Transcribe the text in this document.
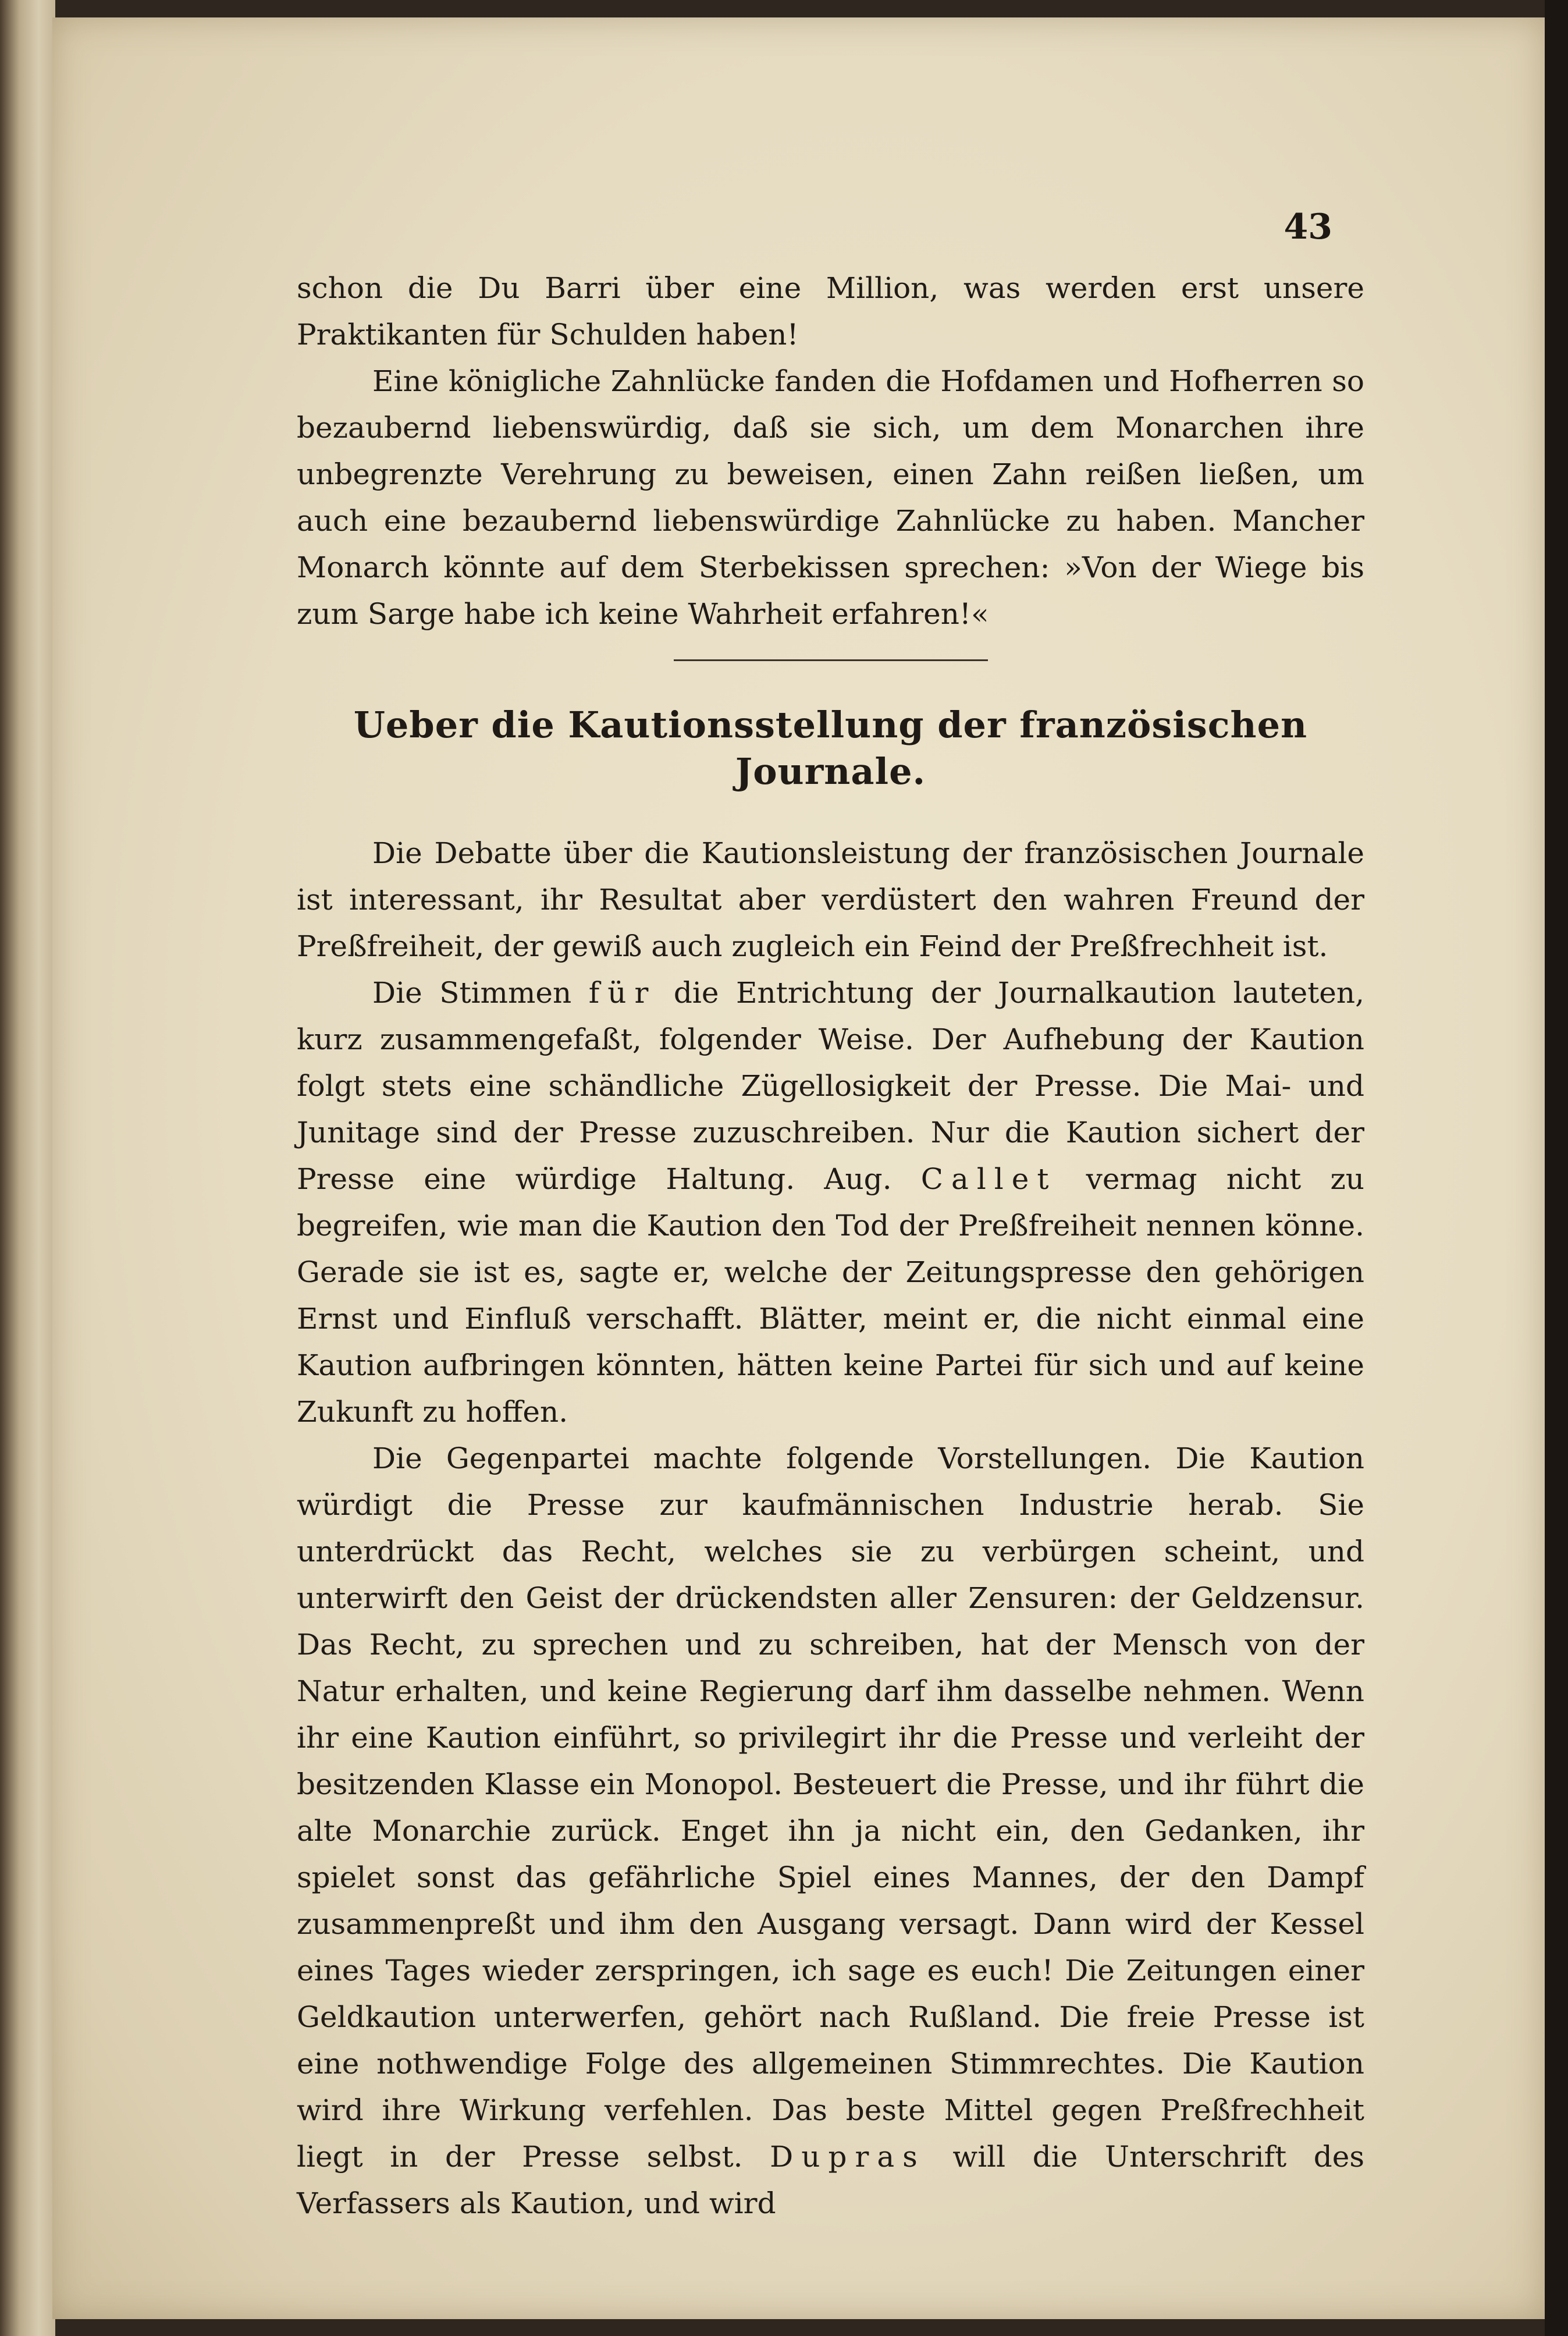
43

schon die Du Barri über eine Million, was werden erst unsere Praktikanten für Schulden haben!

Eine königliche Zahnlücke fanden die Hofdamen und Hofherren so bezaubernd liebenswürdig, daß sie sich, um dem Monarchen ihre unbegrenzte Verehrung zu beweisen, einen Zahn reißen ließen, um auch eine bezaubernd liebenswürdige Zahnlücke zu haben. Mancher Monarch könnte auf dem Sterbekissen sprechen: »Von der Wiege bis zum Sarge habe ich keine Wahrheit erfahren!«

Ueber die Kautionsstellung der französischen Journale.

Die Debatte über die Kautionsleistung der französischen Journale ist interessant, ihr Resultat aber verdüstert den wahren Freund der Preßfreiheit, der gewiß auch zugleich ein Feind der Preßfrechheit ist.

Die Stimmen für die Entrichtung der Journalkaution lauteten, kurz zusammengefaßt, folgender Weise. Der Aufhebung der Kaution folgt stets eine schändliche Zügellosigkeit der Presse. Die Mai- und Junitage sind der Presse zuzuschreiben. Nur die Kaution sichert der Presse eine würdige Haltung. Aug. Callet vermag nicht zu begreifen, wie man die Kaution den Tod der Preßfreiheit nennen könne. Gerade sie ist es, sagte er, welche der Zeitungspresse den gehörigen Ernst und Einfluß verschafft. Blätter, meint er, die nicht einmal eine Kaution aufbringen könnten, hätten keine Partei für sich und auf keine Zukunft zu hoffen.

Die Gegenpartei machte folgende Vorstellungen. Die Kaution würdigt die Presse zur kaufmännischen Industrie herab. Sie unterdrückt das Recht, welches sie zu verbürgen scheint, und unterwirft den Geist der drückendsten aller Zensuren: der Geldzensur. Das Recht, zu sprechen und zu schreiben, hat der Mensch von der Natur erhalten, und keine Regierung darf ihm dasselbe nehmen. Wenn ihr eine Kaution einführt, so privilegirt ihr die Presse und verleiht der besitzenden Klasse ein Monopol. Besteuert die Presse, und ihr führt die alte Monarchie zurück. Enget ihn ja nicht ein, den Gedanken, ihr spielet sonst das gefährliche Spiel eines Mannes, der den Dampf zusammenpreßt und ihm den Ausgang versagt. Dann wird der Kessel eines Tages wieder zerspringen, ich sage es euch! Die Zeitungen einer Geldkaution unterwerfen, gehört nach Rußland. Die freie Presse ist eine nothwendige Folge des allgemeinen Stimmrechtes. Die Kaution wird ihre Wirkung verfehlen. Das beste Mittel gegen Preßfrechheit liegt in der Presse selbst. Dupras will die Unterschrift des Verfassers als Kaution, und wird
